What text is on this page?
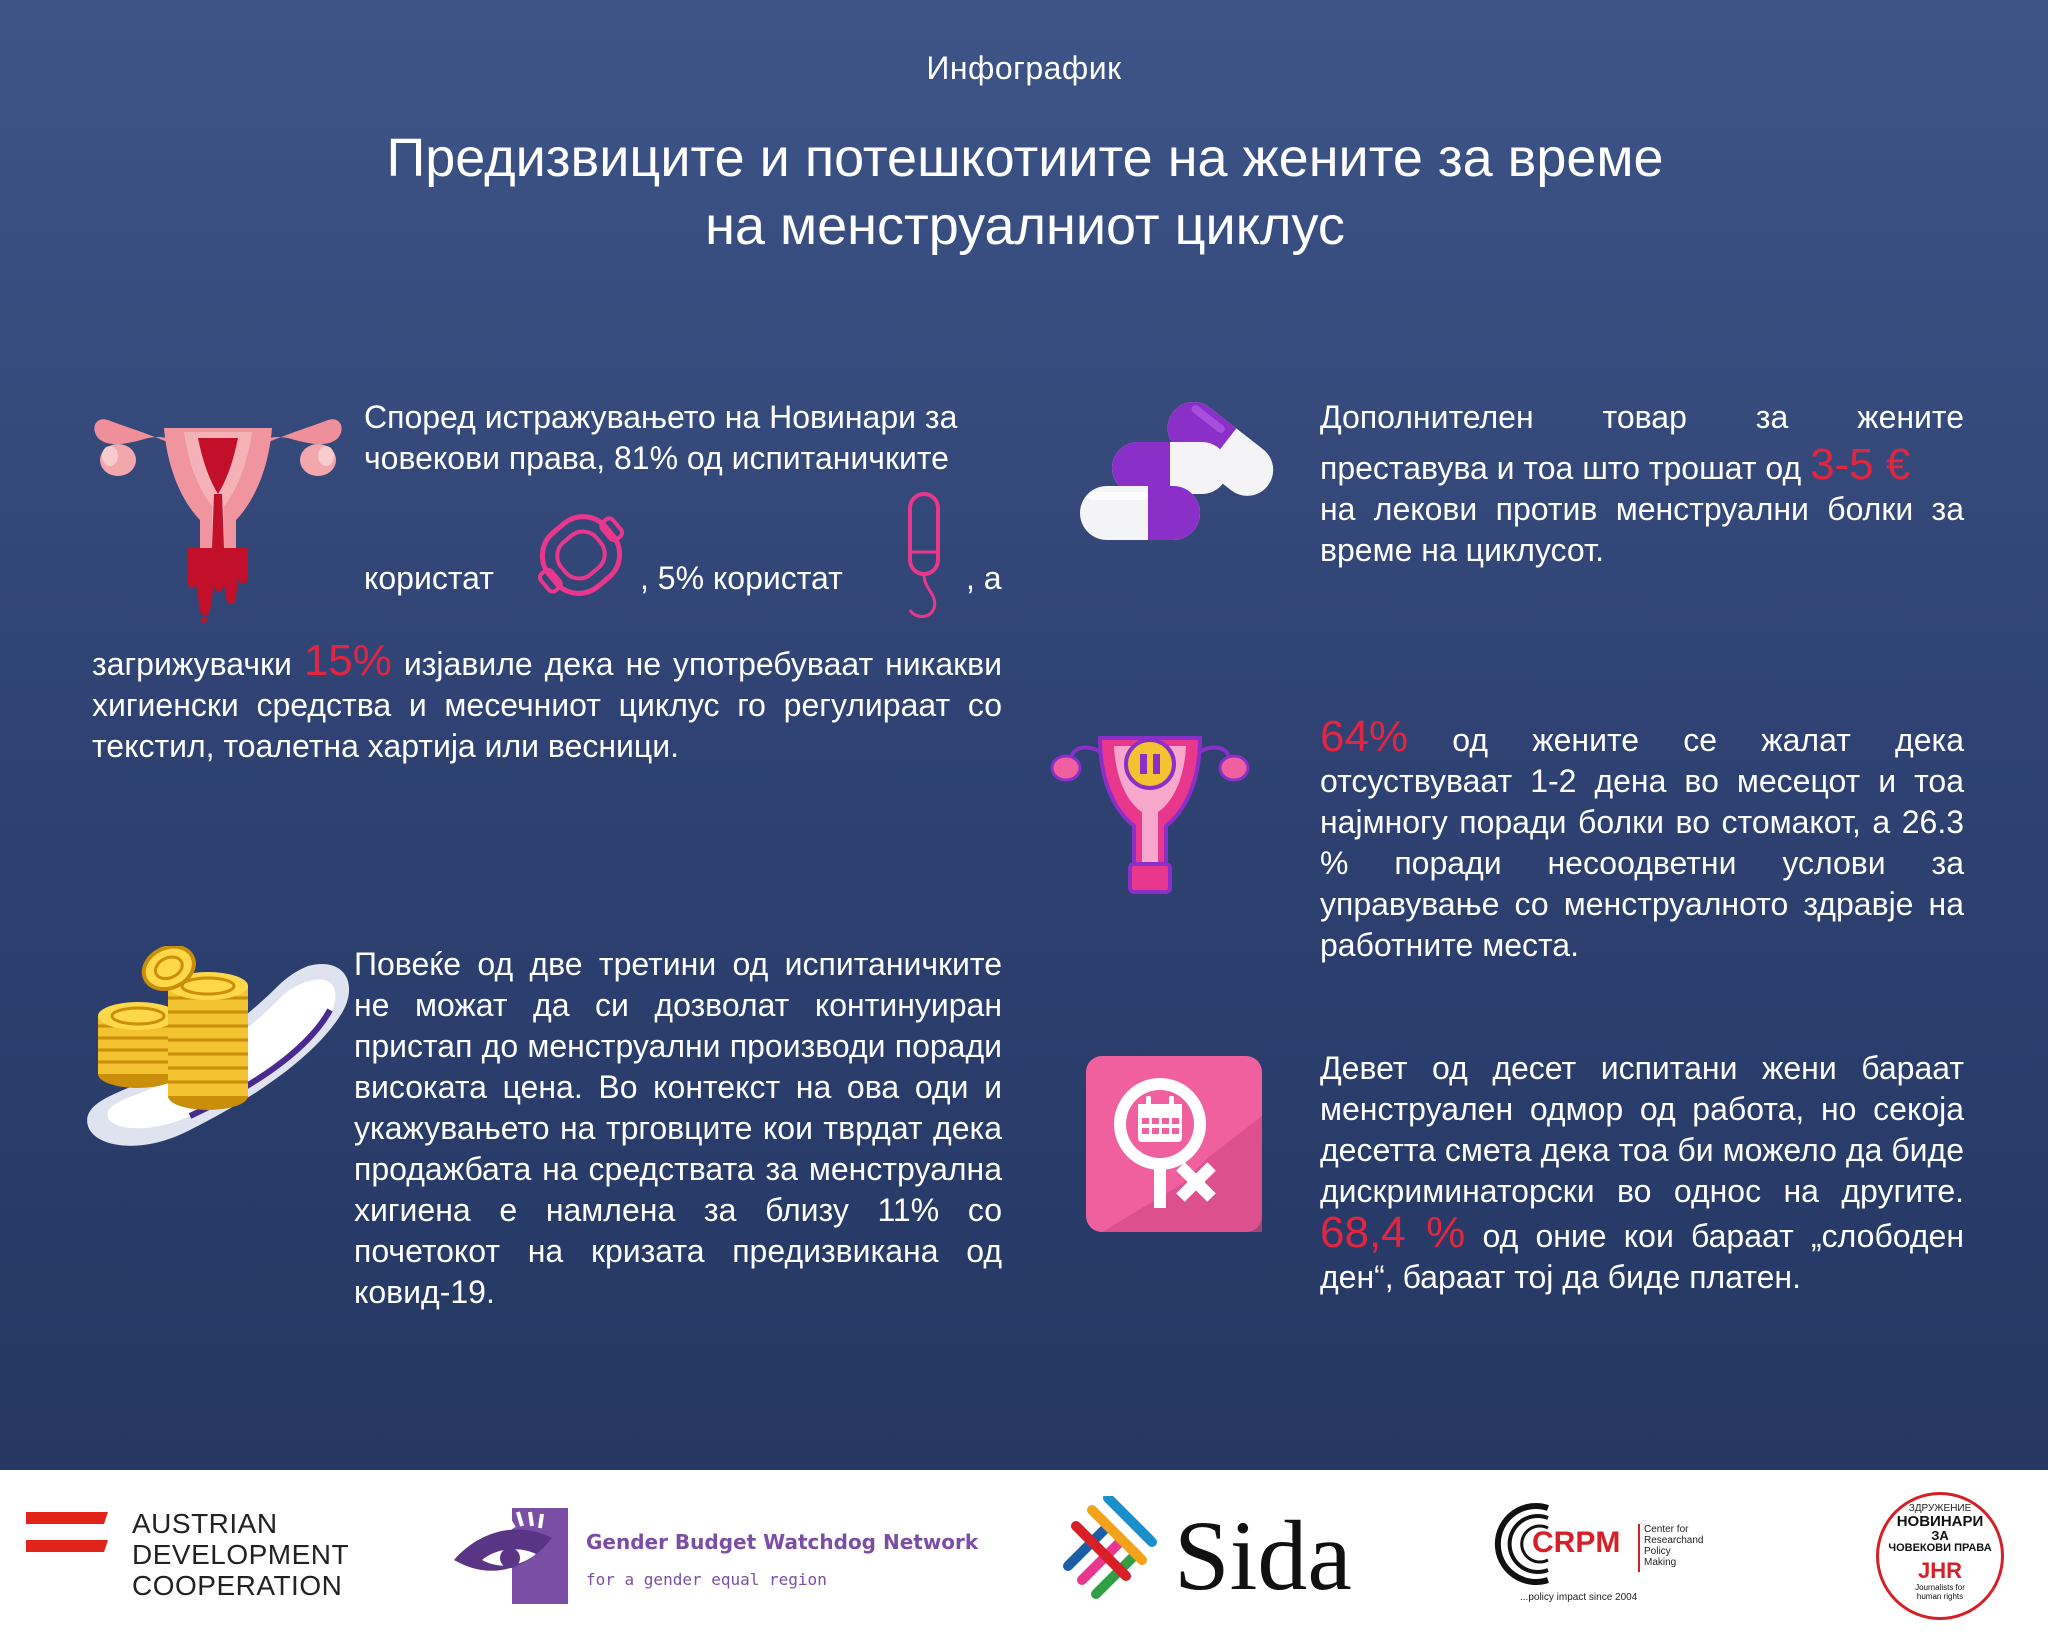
Инфографик
Предизвиците и потешкотиите на жените за време
на менструалниот циклус
Според истражувањето на Новинари за
човекови права, 81% од испитаничките
користат	, 5% користат	, а
загрижувачки 15% изјавиле дека не употребуваат никакви хигиенски средства и месечниот циклус го регулираат со текстил, тоалетна хартија или весници.
Дополнителен товар за жените
преставува и тоа што трошат од 3-5 €
на лекови против менструални болки за време на циклусот.
64% од жените се жалат дека отсуствуваат 1-2 дена во месецот и тоа најмногу поради болки во стомакот, а 26.3 % поради несоодветни услови за управување со менструалното здравје на работните места.
Повеќе од две третини од испитаничките не можат да си дозволат континуиран пристап до менструални производи поради високата цена. Во контекст на ова оди и укажувањето на трговците кои тврдат дека продажбата на средствата за менструална хигиена е намлена за близу 11% со почетокот на кризата предизвикана од ковид-19.
Девет од десет испитани жени бараат менструален одмор од работа, но секоја десетта смета дека тоа би можело да биде дискриминаторски во однос на другите. 68,4 % од оние кои бараат „слободен ден“, бараат тој да биде платен.
AUSTRIAN
DEVELOPMENT
COOPERATION
Gender Budget Watchdog Network
for a gender equal region	Sida	CRPM Center for
Researchand
Policy
Making
...policy impact since 2004
ЗДРУЖЕНИЕ
НОВИНАРИ
ЗА
ЧОВЕКОВИ ПРАВА
JHR
Journalists for human rights
